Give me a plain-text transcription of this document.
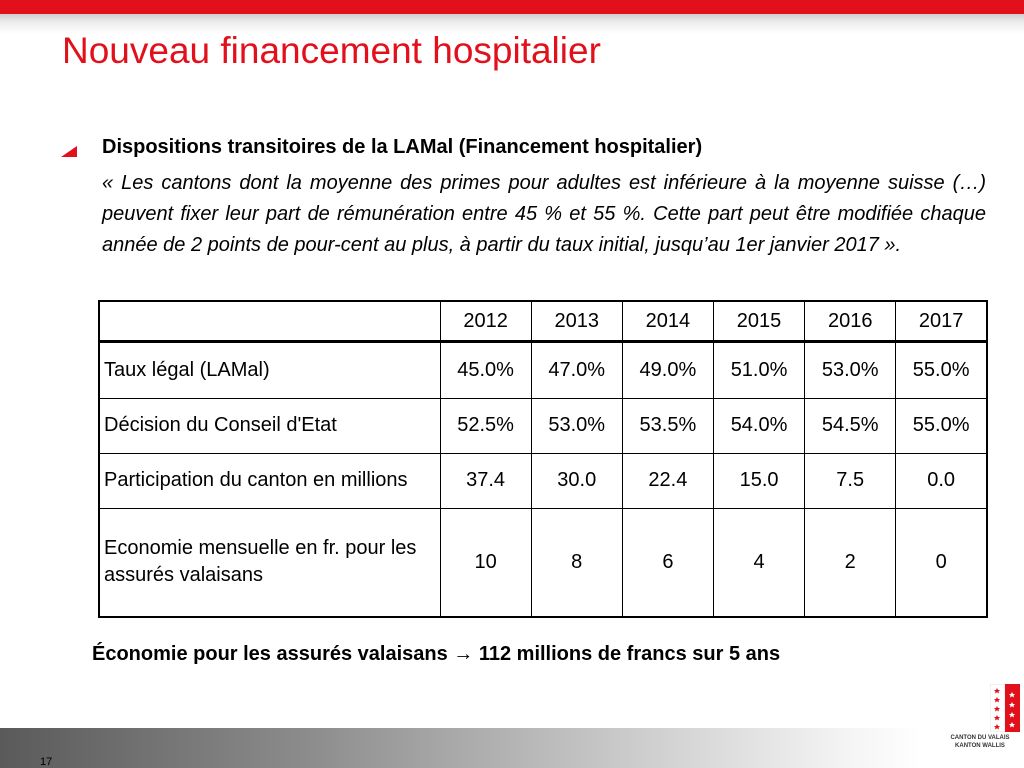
Nouveau financement hospitalier
Dispositions transitoires de la LAMal (Financement hospitalier)

« Les cantons dont la moyenne des primes pour adultes est inférieure à la moyenne suisse (…) peuvent fixer leur part de rémunération entre 45 % et 55 %. Cette part peut être modifiée chaque année de 2 points de pour-cent au plus, à partir du taux initial, jusqu’au 1er janvier 2017 ».

	2012	2013	2014	2015	2016	2017
Taux légal (LAMal)	45.0%	47.0%	49.0%	51.0%	53.0%	55.0%
Décision du Conseil d'Etat	52.5%	53.0%	53.5%	54.0%	54.5%	55.0%
Participation du canton en millions	37.4	30.0	22.4	15.0	7.5	0.0
Economie mensuelle en fr. pour les assurés valaisans	10	8	6	4	2	0
Économie pour les assurés valaisans → 112 millions de francs sur 5 ans
17
CANTON DU VALAIS
KANTON WALLIS
